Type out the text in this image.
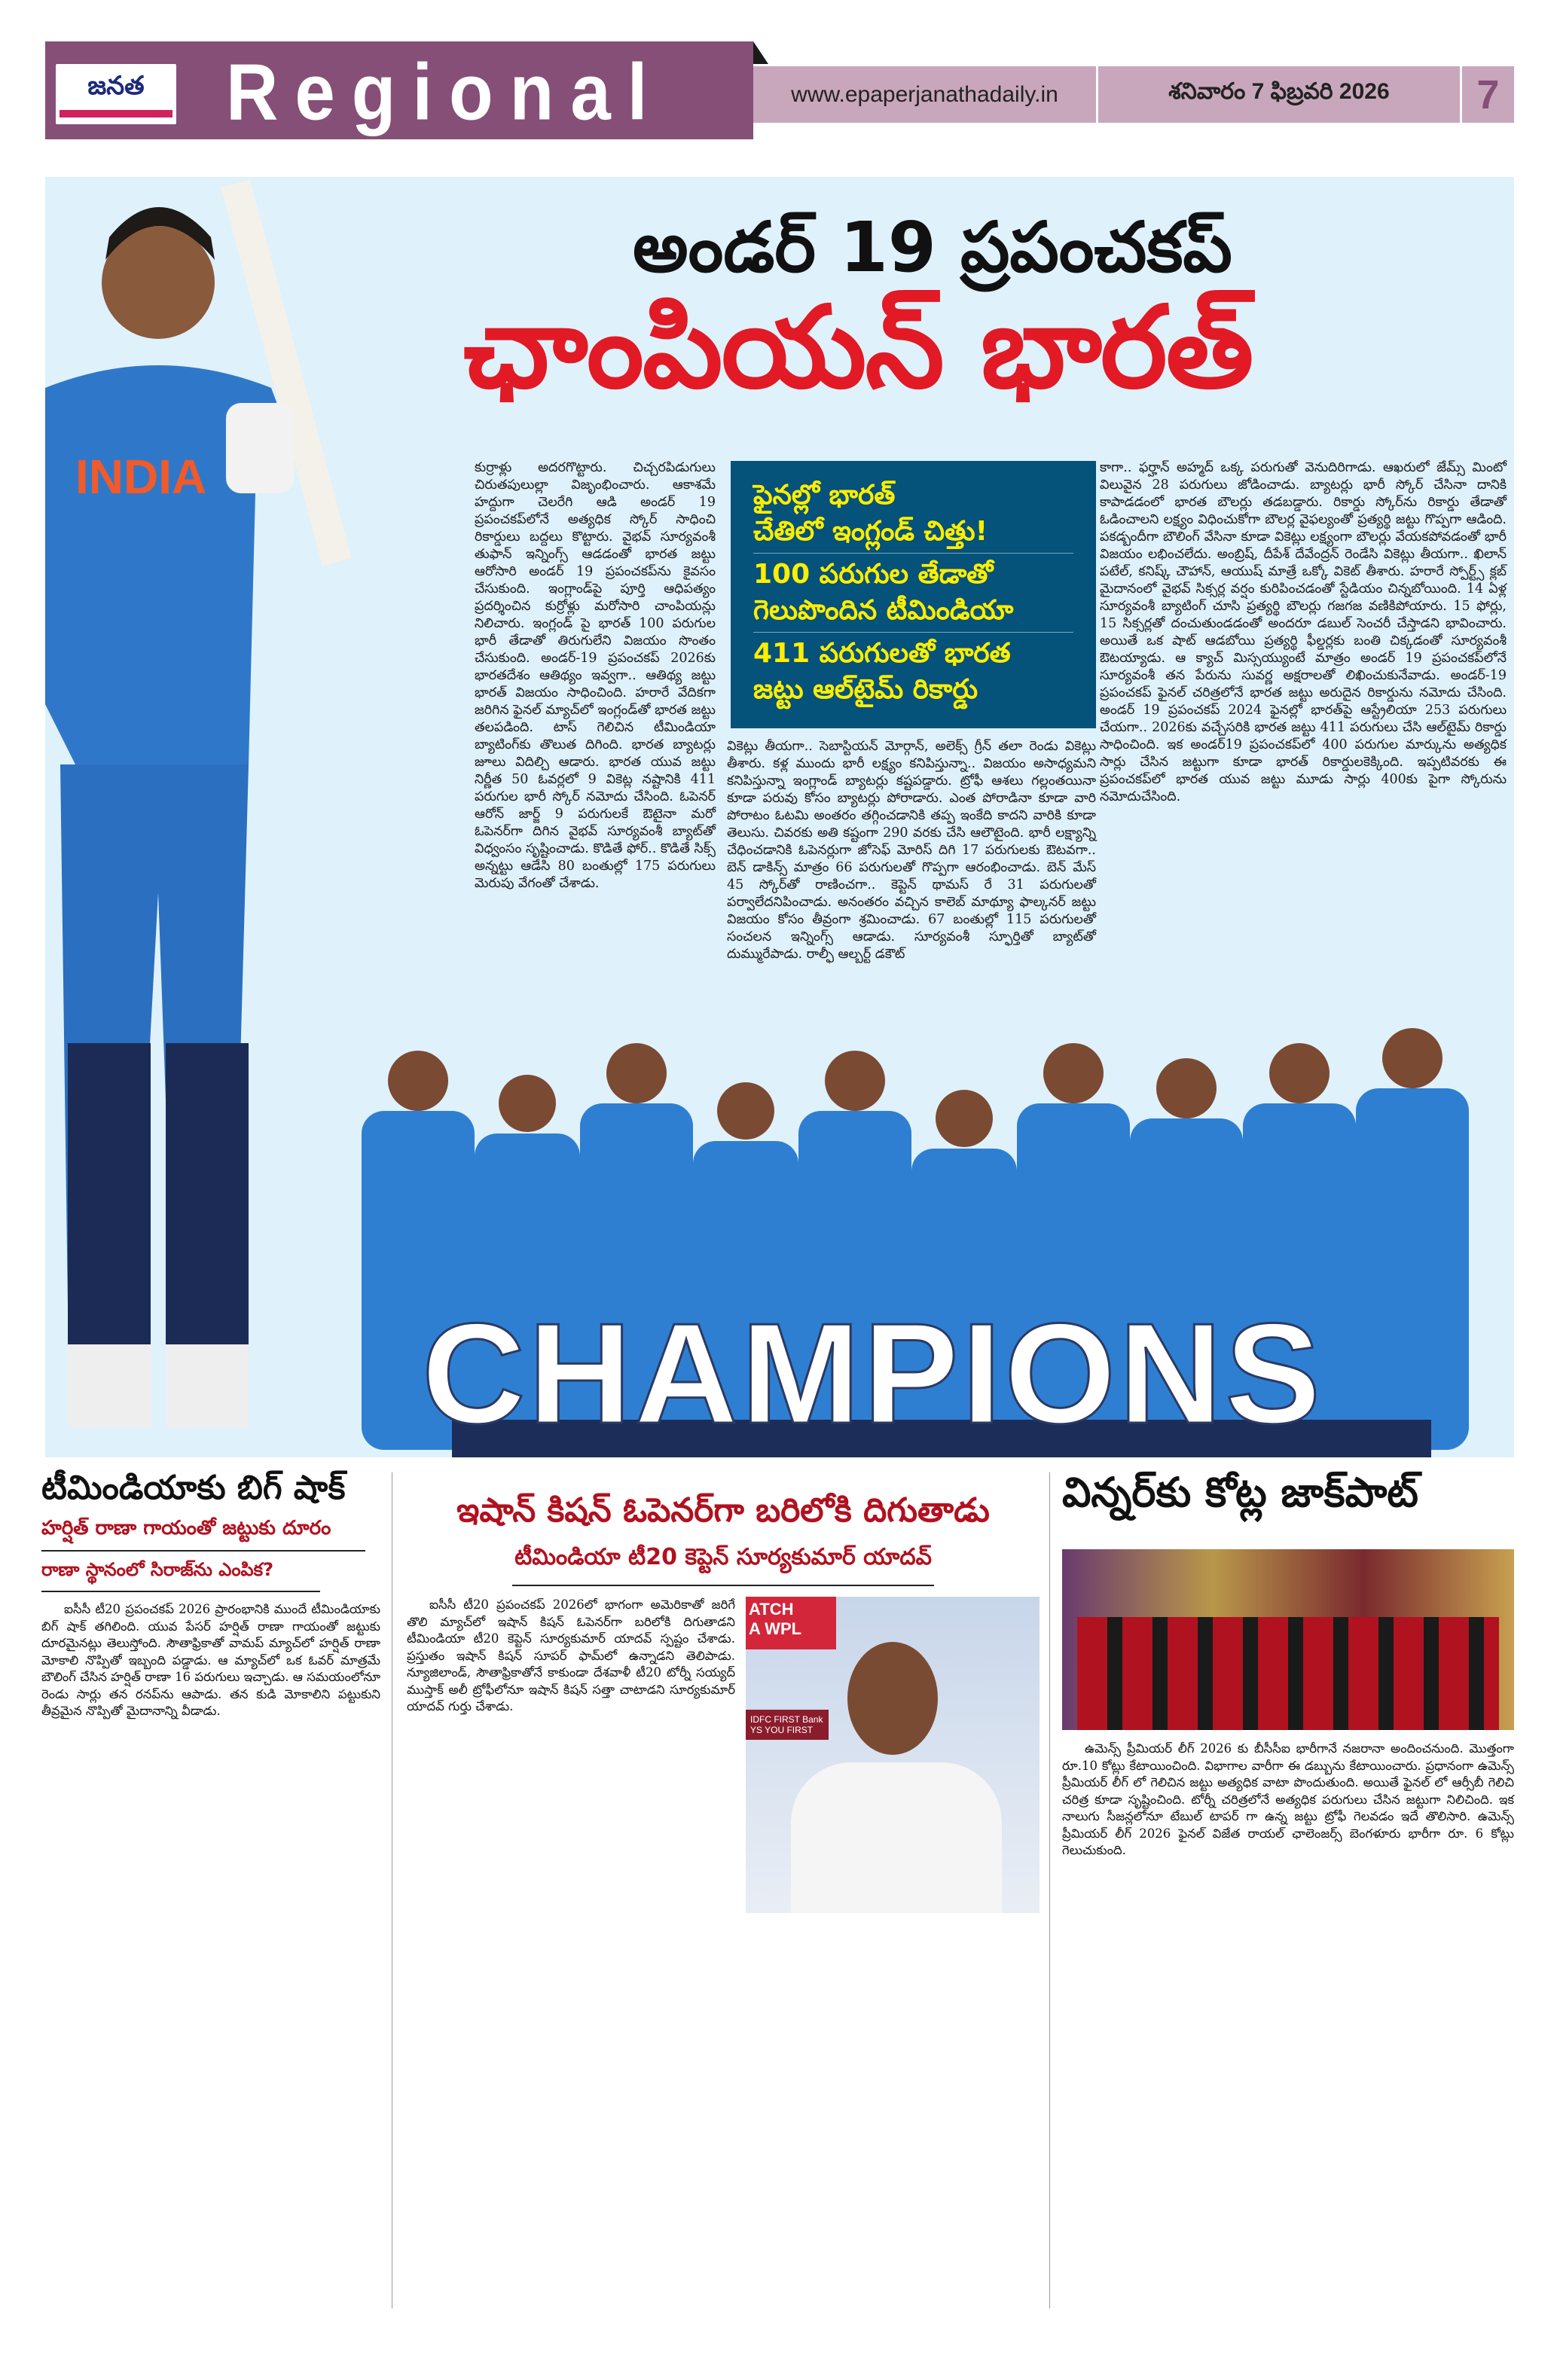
జనత Regional	www.epaperjanathadaily.in	శనివారం 7 ఫిబ్రవరి 2026	7
INDIA
CHAMPIONS
అండర్ 19 ప్రపంచకప్
ఛాంపియన్ భారత్
కుర్రాళ్లు అదరగొట్టారు. చిచ్చరపిడుగులు చిరుతపులుల్లా విజృంభించారు. ఆకాశమే హద్దుగా చెలరేగి ఆడి అండర్ 19 ప్రపంచకప్‌లోనే అత్యధిక స్కోర్ సాధించి రికార్డులు బద్దలు కొట్టారు. వైభవ్ సూర్యవంశీ తుఫాన్ ఇన్నింగ్స్ ఆడడంతో భారత జట్టు ఆరోసారి అండర్ 19 ప్రపంచకప్‌ను కైవసం చేసుకుంది. ఇంగ్లాండ్‌పై పూర్తి ఆధిపత్యం ప్రదర్శించిన కుర్రోళ్లు మరోసారి చాంపియన్లు నిలిచారు. ఇంగ్లండ్ పై భారత్ 100 పరుగుల భారీ తేడాతో తిరుగులేని విజయం సొంతం చేసుకుంది. అండర్-19 ప్రపంచకప్ 2026కు భారతదేశం ఆతిథ్యం ఇవ్వగా.. ఆతిథ్య జట్టు భారత్ విజయం సాధించింది. హరారే వేదికగా జరిగిన ఫైనల్ మ్యాచ్‌లో ఇంగ్లండ్‌తో భారత జట్టు తలపడింది. టాస్ గెలిచిన టీమిండియా బ్యాటింగ్‌కు తొలుత దిగింది. భారత బ్యాటర్లు జూలు విదిల్చి ఆడారు. భారత యువ జట్టు నిర్ణీత 50 ఓవర్లలో 9 వికెట్ల నష్టానికి 411 పరుగుల భారీ స్కోర్ నమోదు చేసింది. ఓపెనర్ ఆరోన్ జార్జ్ 9 పరుగులకే ఔటైనా మరో ఓపెనర్‌గా దిగిన వైభవ్ సూర్యవంశీ బ్యాట్‌తో విధ్వంసం సృష్టించాడు. కొడితే ఫోర్.. కొడితే సిక్స్ అన్నట్టు ఆడేసి 80 బంతుల్లో 175 పరుగులు మెరుపు వేగంతో చేశాడు.
ఫైనల్లో భారత్
చేతిలో ఇంగ్లండ్ చిత్తు!
100 పరుగుల తేడాతో
గెలుపొందిన టీమిండియా
411 పరుగులతో భారత
జట్టు ఆల్‌టైమ్ రికార్డు
వికెట్లు తీయగా.. సెబాస్టియన్ మోర్గాన్, అలెక్స్ గ్రీన్ తలా రెండు వికెట్లు తీశారు. కళ్ల ముందు భారీ లక్ష్యం కనిపిస్తున్నా.. విజయం అసాధ్యమని కనిపిస్తున్నా ఇంగ్లాండ్ బ్యాటర్లు కష్టపడ్డారు. ట్రోఫీ ఆశలు గల్లంతయినా కూడా పరువు కోసం బ్యాటర్లు పోరాడారు. ఎంత పోరాడినా కూడా వారి పోరాటం ఓటమి అంతరం తగ్గించడానికి తప్ప ఇంకేది కాదని వారికి కూడా తెలుసు. చివరకు అతి కష్టంగా 290 వరకు చేసి ఆలౌటైంది. భారీ లక్ష్యాన్ని చేధించడానికి ఓపెనర్లుగా జోసెఫ్ మోరిస్ దిగి 17 పరుగులకు ఔటవగా.. బెన్ డాకిన్స్ మాత్రం 66 పరుగులతో గొప్పగా ఆరంభించాడు. బెన్ మేస్ 45 స్కోర్‌తో రాణించగా.. కెప్టెన్ థామస్ రే 31 పరుగులతో పర్వాలేదనిపించాడు. అనంతరం వచ్చిన కాలెబ్ మాథ్యూ ఫాల్కనర్ జట్టు విజయం కోసం తీవ్రంగా శ్రమించాడు. 67 బంతుల్లో 115 పరుగులతో సంచలన ఇన్నింగ్స్ ఆడాడు. సూర్యవంశీ స్ఫూర్తితో బ్యాట్‌తో దుమ్మురేపాడు. రాల్ఫీ ఆల్బర్ట్ డకౌట్
కాగా.. ఫర్హాన్ అహ్మద్ ఒక్క పరుగుతో వెనుదిరిగాడు. ఆఖరులో జేమ్స్ మింటో విలువైన 28 పరుగులు జోడించాడు. బ్యాటర్లు భారీ స్కోర్ చేసినా దానికి కాపాడడంలో భారత బౌలర్లు తడబడ్డారు. రికార్డు స్కోర్‌ను రికార్డు తేడాతో ఓడించాలని లక్ష్యం విధించుకోగా బౌలర్ల వైఫల్యంతో ప్రత్యర్థి జట్టు గొప్పగా ఆడింది. పకడ్బందీగా బౌలింగ్ వేసినా కూడా వికెట్లు లక్ష్యంగా బౌలర్లు వేయకపోవడంతో భారీ విజయం లభించలేదు. అంబ్రిష్, దీపేశ్ దేవేంద్రన్ రెండేసి వికెట్లు తీయగా.. ఖిలాన్ పటేల్, కనిష్క్ చౌహాన్, ఆయుష్ మాత్రే ఒక్కో వికెట్ తీశారు. హరారే స్పోర్ట్స్ క్లబ్ మైదానంలో వైభవ్ సిక్సర్ల వర్షం కురిపించడంతో స్టేడియం చిన్నబోయింది. 14 ఏళ్ల సూర్యవంశీ బ్యాటింగ్ చూసి ప్రత్యర్థి బౌలర్లు గజగజ వణికిపోయారు. 15 ఫోర్లు, 15 సిక్సర్లతో దంచుతుండడంతో అందరూ డబుల్ సెంచరీ చేస్తాడని భావించారు. అయితే ఒక షాట్ ఆడబోయి ప్రత్యర్థి ఫీల్డర్లకు బంతి చిక్కడంతో సూర్యవంశీ ఔటయ్యాడు. ఆ క్యాచ్ మిస్సయ్యుంటే మాత్రం అండర్ 19 ప్రపంచకప్‌లోనే సూర్యవంశీ తన పేరును సువర్ణ అక్షరాలతో లిఖించుకునేవాడు. అండర్-19 ప్రపంచకప్ ఫైనల్ చరిత్రలోనే భారత జట్టు అరుదైన రికార్డును నమోదు చేసింది. అండర్ 19 ప్రపంచకప్ 2024 ఫైనల్లో భారత్‌పై ఆస్ట్రేలియా 253 పరుగులు చేయగా.. 2026కు వచ్చేసరికి భారత జట్టు 411 పరుగులు చేసి ఆల్‌టైమ్ రికార్డు సాధించింది. ఇక అండర్19 ప్రపంచకప్‌లో 400 పరుగుల మార్కును అత్యధిక సార్లు చేసిన జట్టుగా కూడా భారత్ రికార్డులకెక్కింది. ఇప్పటివరకు ఈ ప్రపంచకప్‌లో భారత యువ జట్టు మూడు సార్లు 400కు పైగా స్కోరును నమోదుచేసింది.
టీమిండియాకు బిగ్ షాక్
హర్షిత్ రాణా గాయంతో జట్టుకు దూరం
రాణా స్థానంలో సిరాజ్‌ను ఎంపిక?
ఐసీసీ టీ20 ప్రపంచకప్ 2026 ప్రారంభానికి ముందే టీమిండియాకు బిగ్ షాక్ తగిలింది. యువ పేసర్ హర్షిత్ రాణా గాయంతో జట్టుకు దూరమైనట్లు తెలుస్తోంది. సౌతాఫ్రికాతో వామప్ మ్యాచ్‌లో హర్షిత్ రాణా మోకాలి నొప్పితో ఇబ్బంది పడ్డాడు. ఆ మ్యాచ్‌లో ఒక ఓవర్ మాత్రమే బౌలింగ్ చేసిన హర్షిత్ రాణా 16 పరుగులు ఇచ్చాడు. ఆ సమయంలోనూ రెండు సార్లు తన రనప్‌ను ఆపాడు. తన కుడి మోకాలిని పట్టుకుని తీవ్రమైన నొప్పితో మైదానాన్ని వీడాడు.
ఇషాన్ కిషన్ ఓపెనర్‌గా బరిలోకి దిగుతాడు
టీమిండియా టీ20 కెప్టెన్ సూర్యకుమార్ యాదవ్
ATCH
A WPL
IDFC FIRST Bank
YS YOU FIRST
ఐసీసీ టీ20 ప్రపంచకప్ 2026లో భాగంగా అమెరికాతో జరిగే తొలి మ్యాచ్‌లో ఇషాన్ కిషన్ ఓపెనర్‌గా బరిలోకి దిగుతాడని టీమిండియా టీ20 కెప్టెన్ సూర్యకుమార్ యాదవ్ స్పష్టం చేశాడు. ప్రస్తుతం ఇషాన్ కిషన్ సూపర్ ఫామ్‌లో ఉన్నాడని తెలిపాడు. న్యూజిలాండ్, సౌతాఫ్రికాతోనే కాకుండా దేశవాళీ టీ20 టోర్నీ సయ్యద్ ముస్తాక్ అలీ ట్రోఫీలోనూ ఇషాన్ కిషన్ సత్తా చాటాడని సూర్యకుమార్ యాదవ్ గుర్తు చేశాడు.
విన్నర్‌కు కోట్ల జాక్‌పాట్
ఉమెన్స్ ప్రీమియర్ లీగ్ 2026 కు బీసీసీఐ భారీగానే నజరానా అందించనుంది. మొత్తంగా రూ.10 కోట్లు కేటాయించింది. విభాగాల వారీగా ఈ డబ్బును కేటాయించారు. ప్రధానంగా ఉమెన్స్ ప్రీమియర్ లీగ్ లో గెలిచిన జట్టు అత్యధిక వాటా పొందుతుంది. అయితే ఫైనల్ లో ఆర్సీబీ గెలిచి చరిత్ర కూడా సృష్టించింది. టోర్నీ చరిత్రలోనే అత్యధిక పరుగులు చేసిన జట్టుగా నిలిచింది. ఇక నాలుగు సీజన్లలోనూ టేబుల్ టాపర్ గా ఉన్న జట్టు ట్రోఫీ గెలవడం ఇదే తొలిసారి. ఉమెన్స్ ప్రీమియర్ లీగ్ 2026 ఫైనల్ విజేత రాయల్ ఛాలెంజర్స్ బెంగళూరు భారీగా రూ. 6 కోట్లు గెలుచుకుంది.
